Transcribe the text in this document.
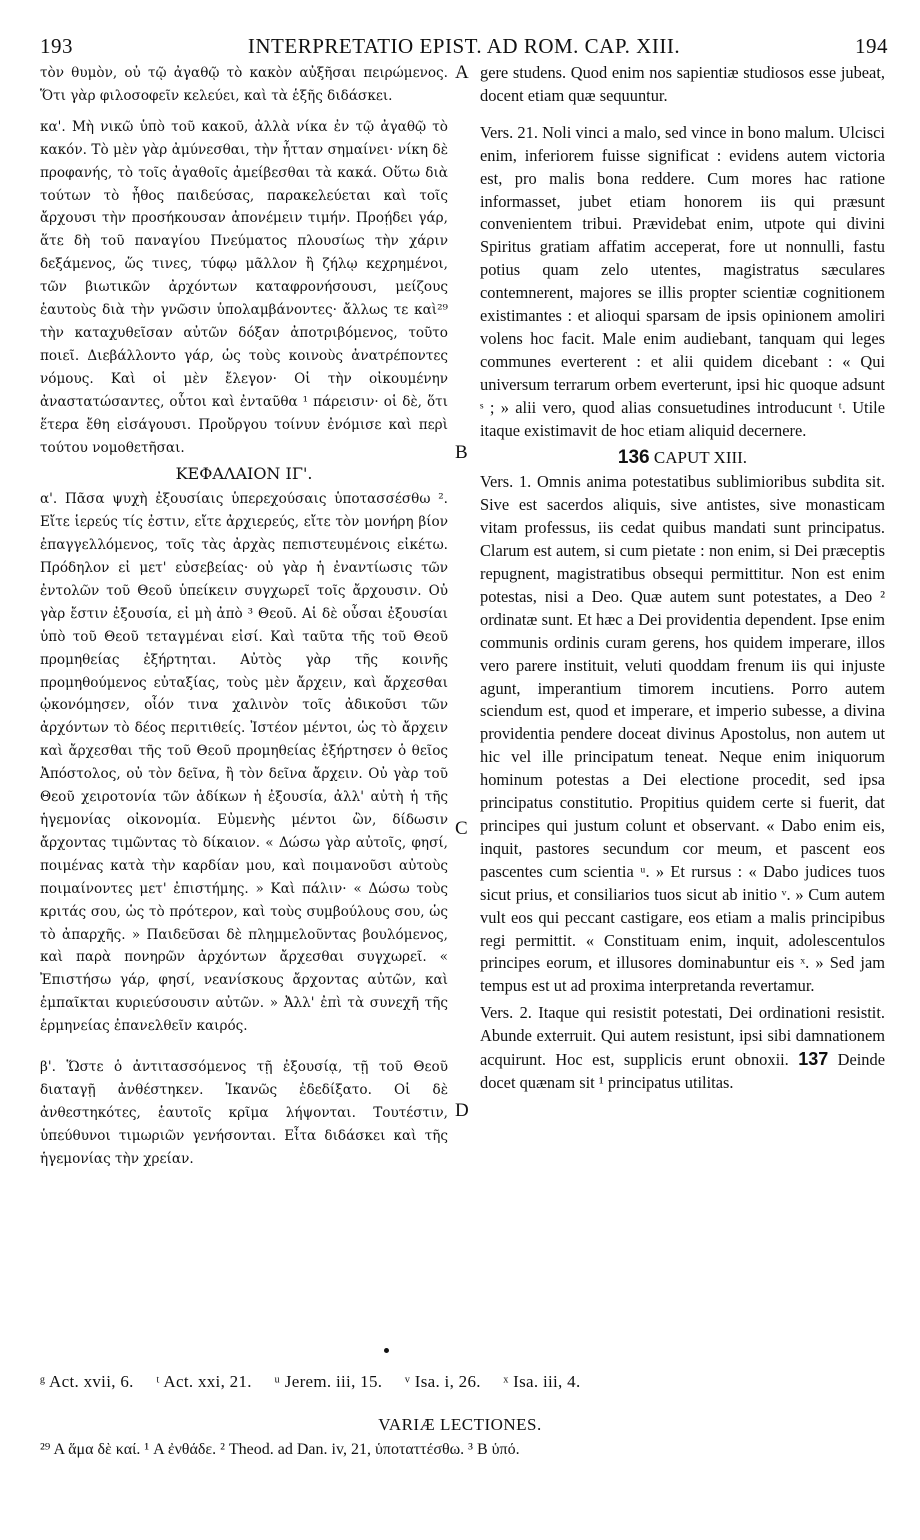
193	INTERPRETATIO EPIST. AD ROM. CAP. XIII.	194

τὸν θυμὸν, οὐ τῷ ἀγαθῷ τὸ κακὸν αὐξῆσαι πειρώμενος. Ὅτι γὰρ φιλοσοφεῖν κελεύει, καὶ τὰ ἑξῆς διδάσκει.

κα'. Μὴ νικῶ ὑπὸ τοῦ κακοῦ, ἀλλὰ νίκα ἐν τῷ ἀγαθῷ τὸ κακόν. Τὸ μὲν γὰρ ἀμύνεσθαι, τὴν ἧτταν σημαίνει· νίκη δὲ προφανής, τὸ τοῖς ἀγαθοῖς ἀμείβεσθαι τὰ κακά. Οὕτω διὰ τούτων τὸ ἦθος παιδεύσας, παρακελεύεται καὶ τοῖς ἄρχουσι τὴν προσήκουσαν ἀπονέμειν τιμήν. Προῄδει γάρ, ἅτε δὴ τοῦ παναγίου Πνεύματος πλουσίως τὴν χάριν δεξάμενος, ὥς τινες, τύφῳ μᾶλλον ἢ ζήλῳ κεχρημένοι, τῶν βιωτικῶν ἀρχόντων καταφρονήσουσι, μείζους ἑαυτοὺς διὰ τὴν γνῶσιν ὑπολαμβάνοντες· ἄλλως τε καὶ²⁹ τὴν καταχυθεῖσαν αὐτῶν δόξαν ἀποτριβόμενος, τοῦτο ποιεῖ. Διεβάλλοντο γάρ, ὡς τοὺς κοινοὺς ἀνατρέποντες νόμους. Καὶ οἱ μὲν ἔλεγον· Οἱ τὴν οἰκουμένην ἀναστατώσαντες, οὗτοι καὶ ἐνταῦθα ¹ πάρεισιν· οἱ δὲ, ὅτι ἕτερα ἔθη εἰσάγουσι. Προὔργου τοίνυν ἐνόμισε καὶ περὶ τούτου νομοθετῆσαι.

ΚΕΦΑΛΑΙΟΝ ΙΓ'.

α'. Πᾶσα ψυχὴ ἐξουσίαις ὑπερεχούσαις ὑποτασσέσθω ². Εἴτε ἱερεύς τίς ἐστιν, εἴτε ἀρχιερεύς, εἴτε τὸν μονήρη βίον ἐπαγγελλόμενος, τοῖς τὰς ἀρχὰς πεπιστευμένοις εἰκέτω. Πρόδηλον εἰ μετ' εὐσεβείας· οὐ γὰρ ἡ ἐναντίωσις τῶν ἐντολῶν τοῦ Θεοῦ ὑπείκειν συγχωρεῖ τοῖς ἄρχουσιν. Οὐ γὰρ ἔστιν ἐξουσία, εἰ μὴ ἀπὸ ³ Θεοῦ. Αἱ δὲ οὖσαι ἐξουσίαι ὑπὸ τοῦ Θεοῦ τεταγμέναι εἰσί. Καὶ ταῦτα τῆς τοῦ Θεοῦ προμηθείας ἐξήρτηται. Αὐτὸς γὰρ τῆς κοινῆς προμηθούμενος εὐταξίας, τοὺς μὲν ἄρχειν, καὶ ἄρχεσθαι ᾠκονόμησεν, οἷόν τινα χαλινὸν τοῖς ἀδικοῦσι τῶν ἀρχόντων τὸ δέος περιτιθείς. Ἰστέον μέντοι, ὡς τὸ ἄρχειν καὶ ἄρχεσθαι τῆς τοῦ Θεοῦ προμηθείας ἐξήρτησεν ὁ θεῖος Ἀπόστολος, οὐ τὸν δεῖνα, ἢ τὸν δεῖνα ἄρχειν. Οὐ γὰρ τοῦ Θεοῦ χειροτονία τῶν ἀδίκων ἡ ἐξουσία, ἀλλ' αὐτὴ ἡ τῆς ἡγεμονίας οἰκονομία. Εὐμενὴς μέντοι ὢν, δίδωσιν ἄρχοντας τιμῶντας τὸ δίκαιον. « Δώσω γὰρ αὐτοῖς, φησί, ποιμένας κατὰ τὴν καρδίαν μου, καὶ ποιμανοῦσι αὐτοὺς ποιμαίνοντες μετ' ἐπιστήμης. » Καὶ πάλιν· « Δώσω τοὺς κριτάς σου, ὡς τὸ πρότερον, καὶ τοὺς συμβούλους σου, ὡς τὸ ἀπαρχῆς. » Παιδεῦσαι δὲ πλημμελοῦντας βουλόμενος, καὶ παρὰ πονηρῶν ἀρχόντων ἄρχεσθαι συγχωρεῖ. « Ἐπιστήσω γάρ, φησί, νεανίσκους ἄρχοντας αὐτῶν, καὶ ἐμπαῖκται κυριεύσουσιν αὐτῶν. » Ἀλλ' ἐπὶ τὰ συνεχῆ τῆς ἑρμηνείας ἐπανελθεῖν καιρός.

β'. Ὥστε ὁ ἀντιτασσόμενος τῇ ἐξουσίᾳ, τῇ τοῦ Θεοῦ διαταγῇ ἀνθέστηκεν. Ἱκανῶς ἐδεδίξατο. Οἱ δὲ ἀνθεστηκότες, ἑαυτοῖς κρῖμα λήψονται. Τουτέστιν, ὑπεύθυνοι τιμωριῶν γενήσονται. Εἶτα διδάσκει καὶ τῆς ἡγεμονίας τὴν χρείαν.

A
B
C
D

gere studens. Quod enim nos sapientiæ studiosos esse jubeat, docent etiam quæ sequuntur.

Vers. 21. Noli vinci a malo, sed vince in bono malum. Ulcisci enim, inferiorem fuisse significat : evidens autem victoria est, pro malis bona reddere. Cum mores hac ratione informasset, jubet etiam honorem iis qui præsunt convenientem tribui. Prævidebat enim, utpote qui divini Spiritus gratiam affatim acceperat, fore ut nonnulli, fastu potius quam zelo utentes, magistratus sæculares contemnerent, majores se illis propter scientiæ cognitionem existimantes : et alioqui sparsam de ipsis opinionem amoliri volens hoc facit. Male enim audiebant, tanquam qui leges communes everterent : et alii quidem dicebant : « Qui universum terrarum orbem everterunt, ipsi hic quoque adsunt ˢ ; » alii vero, quod alias consuetudines introducunt ᵗ. Utile itaque existimavit de hoc etiam aliquid decernere.

136 CAPUT XIII.

Vers. 1. Omnis anima potestatibus sublimioribus subdita sit. Sive est sacerdos aliquis, sive antistes, sive monasticam vitam professus, iis cedat quibus mandati sunt principatus. Clarum est autem, si cum pietate : non enim, si Dei præceptis repugnent, magistratibus obsequi permittitur. Non est enim potestas, nisi a Deo. Quæ autem sunt potestates, a Deo ² ordinatæ sunt. Et hæc a Dei providentia dependent. Ipse enim communis ordinis curam gerens, hos quidem imperare, illos vero parere instituit, veluti quoddam frenum iis qui injuste agunt, imperantium timorem incutiens. Porro autem sciendum est, quod et imperare, et imperio subesse, a divina providentia pendere doceat divinus Apostolus, non autem ut hic vel ille principatum teneat. Neque enim iniquorum hominum potestas a Dei electione procedit, sed ipsa principatus constitutio. Propitius quidem certe si fuerit, dat principes qui justum colunt et observant. « Dabo enim eis, inquit, pastores secundum cor meum, et pascent eos pascentes cum scientia ᵘ. » Et rursus : « Dabo judices tuos sicut prius, et consiliarios tuos sicut ab initio ᵛ. » Cum autem vult eos qui peccant castigare, eos etiam a malis principibus regi permittit. « Constituam enim, inquit, adolescentulos principes eorum, et illusores dominabuntur eis ˣ. » Sed jam tempus est ut ad proxima interpretanda revertamur.

Vers. 2. Itaque qui resistit potestati, Dei ordinationi resistit. Abunde exterruit. Qui autem resistunt, ipsi sibi damnationem acquirunt. Hoc est, supplicis erunt obnoxii. 137 Deinde docet quænam sit ¹ principatus utilitas.

ᵍ Act. xvii, 6. ᵗ Act. xxi, 21. ᵘ Jerem. iii, 15. ᵛ Isa. i, 26. ˣ Isa. iii, 4.
VARIÆ LECTIONES.
²⁹ A ἅμα δὲ καί. ¹ A ἐνθάδε. ² Theod. ad Dan. iv, 21, ὑποταττέσθω. ³ B ὑπό.
